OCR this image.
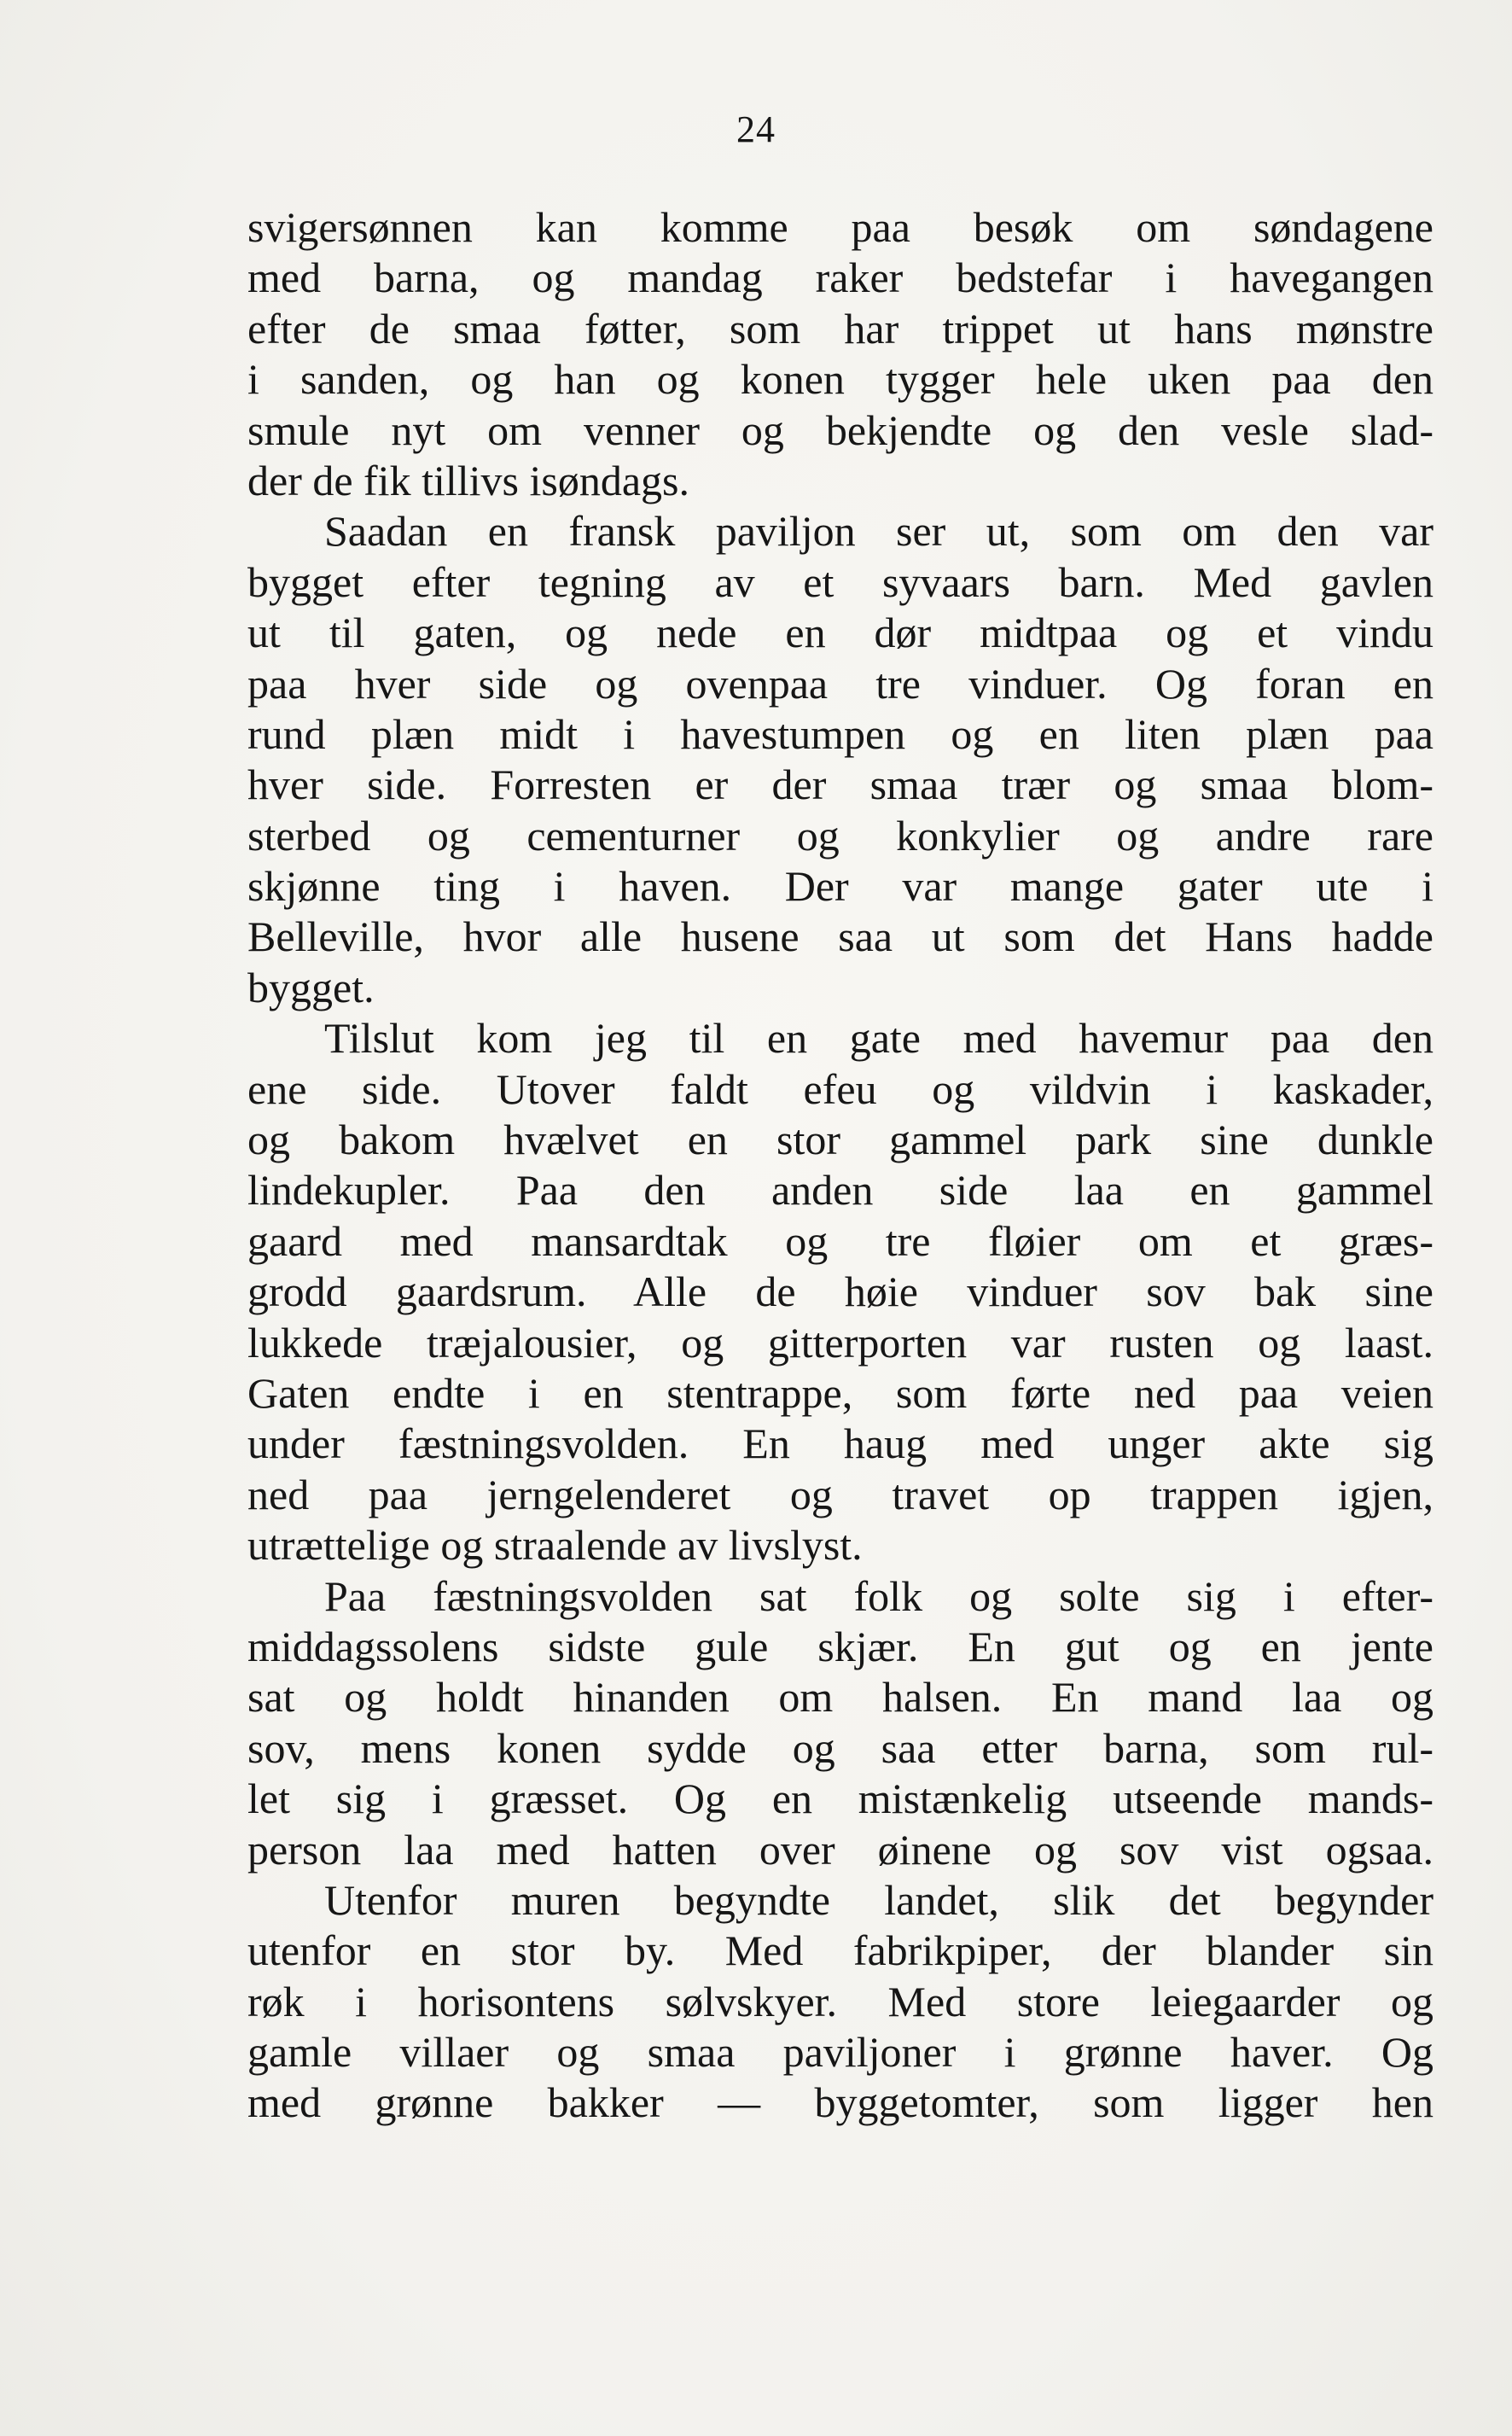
24
svigersønnen kan komme paa besøk om søndagene
med barna, og mandag raker bedstefar i havegangen
efter de smaa føtter, som har trippet ut hans mønstre
i sanden, og han og konen tygger hele uken paa den
smule nyt om venner og bekjendte og den vesle slad-
der de fik tillivs isøndags.
Saadan en fransk paviljon ser ut, som om den var
bygget efter tegning av et syvaars barn. Med gavlen
ut til gaten, og nede en dør midtpaa og et vindu
paa hver side og ovenpaa tre vinduer. Og foran en
rund plæn midt i havestumpen og en liten plæn paa
hver side. Forresten er der smaa trær og smaa blom-
sterbed og cementurner og konkylier og andre rare
skjønne ting i haven. Der var mange gater ute i
Belleville, hvor alle husene saa ut som det Hans hadde
bygget.
Tilslut kom jeg til en gate med havemur paa den
ene side. Utover faldt efeu og vildvin i kaskader,
og bakom hvælvet en stor gammel park sine dunkle
lindekupler. Paa den anden side laa en gammel
gaard med mansardtak og tre fløier om et græs-
grodd gaardsrum. Alle de høie vinduer sov bak sine
lukkede træjalousier, og gitterporten var rusten og laast.
Gaten endte i en stentrappe, som førte ned paa veien
under fæstningsvolden. En haug med unger akte sig
ned paa jerngelenderet og travet op trappen igjen,
utrættelige og straalende av livslyst.
Paa fæstningsvolden sat folk og solte sig i efter-
middagssolens sidste gule skjær. En gut og en jente
sat og holdt hinanden om halsen. En mand laa og
sov, mens konen sydde og saa etter barna, som rul-
let sig i græsset. Og en mistænkelig utseende mands-
person laa med hatten over øinene og sov vist ogsaa.
Utenfor muren begyndte landet, slik det begynder
utenfor en stor by. Med fabrikpiper, der blander sin
røk i horisontens sølvskyer. Med store leiegaarder og
gamle villaer og smaa paviljoner i grønne haver. Og
med grønne bakker — byggetomter, som ligger hen
